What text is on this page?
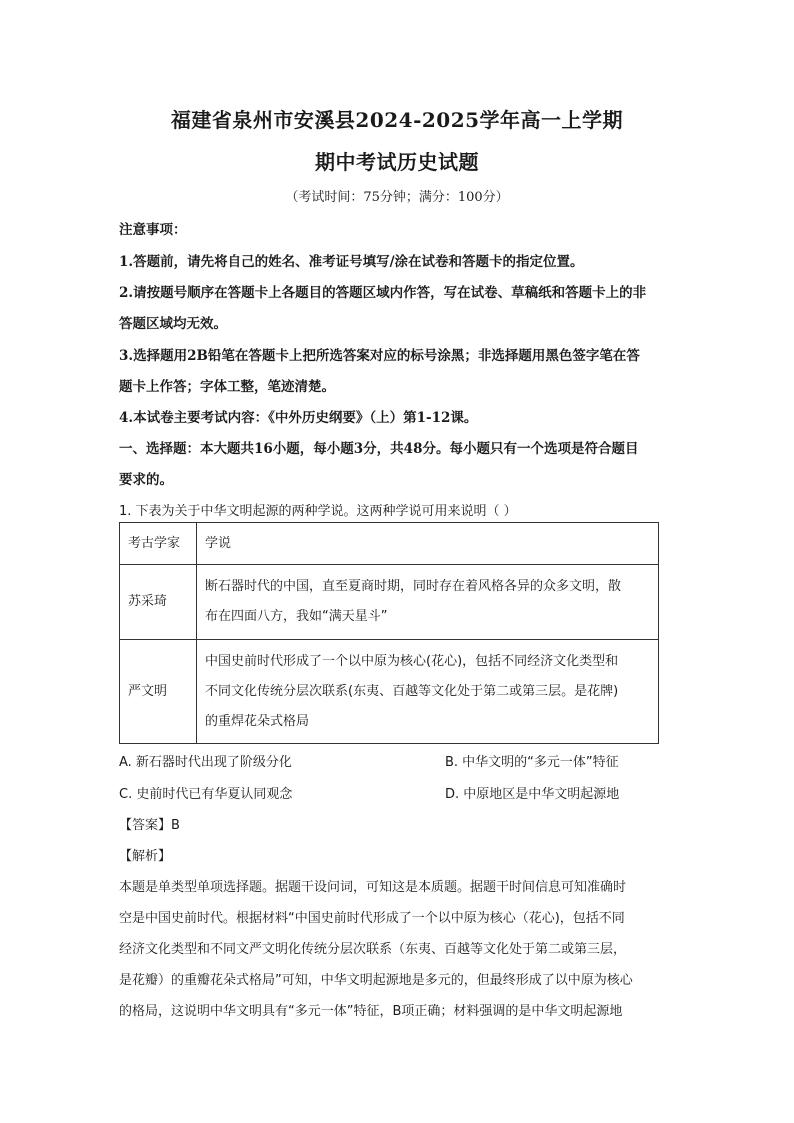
福建省泉州市安溪县2024-2025学年高一上学期
期中考试历史试题
（考试时间：75分钟；满分：100分）
注意事项：
1.答题前，请先将自己的姓名、准考证号填写/涂在试卷和答题卡的指定位置。
2.请按题号顺序在答题卡上各题目的答题区域内作答，写在试卷、草稿纸和答题卡上的非
答题区域均无效。
3.选择题用2B铅笔在答题卡上把所选答案对应的标号涂黑；非选择题用黑色签字笔在答
题卡上作答；字体工整，笔迹清楚。
4.本试卷主要考试内容：《中外历史纲要》（上）第1-12课。
一、选择题：本大题共16小题，每小题3分，共48分。每小题只有一个选项是符合题目
要求的。
1. 下表为关于中华文明起源的两种学说。这两种学说可用来说明（ ）
考古学家	学说
苏采琦	断石器时代的中国，直至夏商时期，同时存在着风格各异的众多文明，散
布在四面八方，我如“满天星斗”

严文明	中国史前时代形成了一个以中原为核心(花心)，包括不同经济文化类型和
不同文化传统分层次联系(东夷、百越等文化处于第二或第三层。是花牌)
的重焊花朵式格局
A. 新石器时代出现了阶级分化	B. 中华文明的“多元一体”特征
C. 史前时代已有华夏认同观念	D. 中原地区是中华文明起源地
【答案】B
【解析】
本题是单类型单项选择题。据题干设问词，可知这是本质题。据题干时间信息可知准确时
空是中国史前时代。根据材料“中国史前时代形成了一个以中原为核心（花心)，包括不同
经济文化类型和不同文严文明化传统分层次联系（东夷、百越等文化处于第二或第三层，
是花瓣）的重瓣花朵式格局”可知，中华文明起源地是多元的，但最终形成了以中原为核心
的格局，这说明中华文明具有“多元一体”特征，B项正确；材料强调的是中华文明起源地
